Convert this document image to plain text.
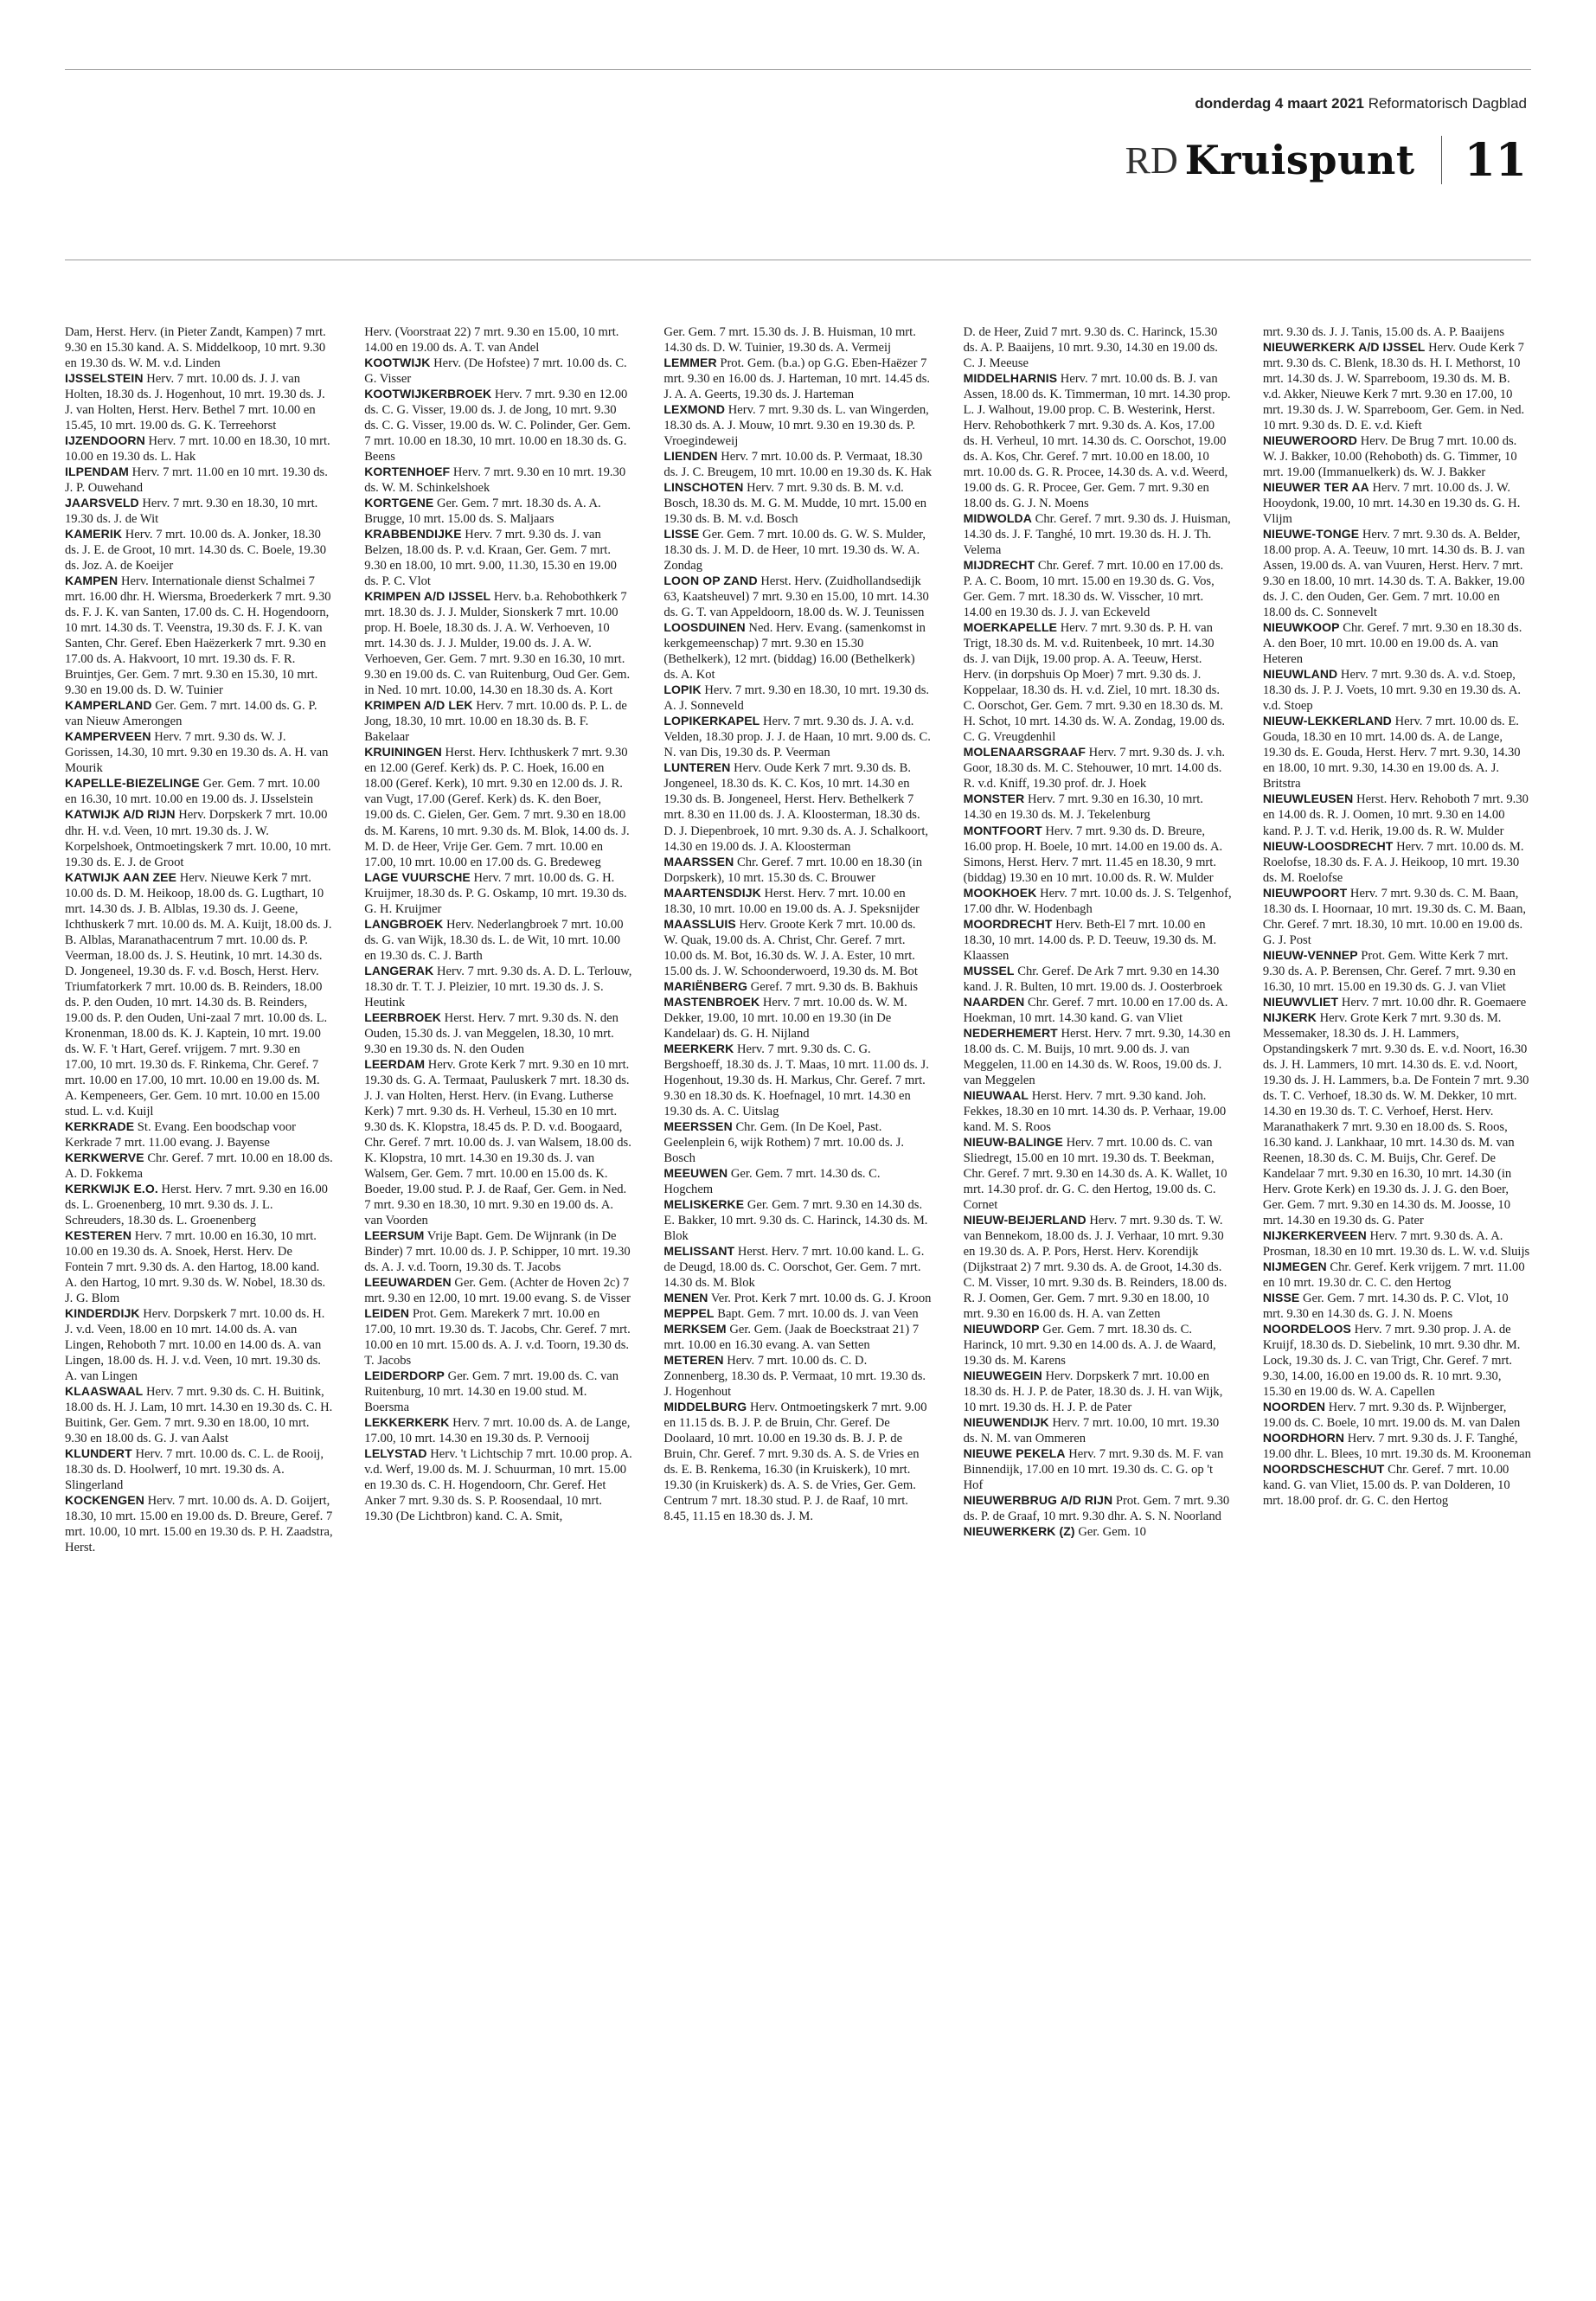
donderdag 4 maart 2021 Reformatorisch Dagblad
RD Kruispunt 11

Dam, Herst. Herv. (in Pieter Zandt, Kampen) 7 mrt. 9.30 en 15.30 kand. A. S. Middelkoop, 10 mrt. 9.30 en 19.30 ds. W. M. v.d. Linden

IJSSELSTEIN Herv. 7 mrt. 10.00 ds. J. J. van Holten, 18.30 ds. J. Hogenhout, 10 mrt. 19.30 ds. J. J. van Holten, Herst. Herv. Bethel 7 mrt. 10.00 en 15.45, 10 mrt. 19.00 ds. G. K. Terreehorst

IJZENDOORN Herv. 7 mrt. 10.00 en 18.30, 10 mrt. 10.00 en 19.30 ds. L. Hak

ILPENDAM Herv. 7 mrt. 11.00 en 10 mrt. 19.30 ds. J. P. Ouwehand

JAARSVELD Herv. 7 mrt. 9.30 en 18.30, 10 mrt. 19.30 ds. J. de Wit

KAMERIK Herv. 7 mrt. 10.00 ds. A. Jonker, 18.30 ds. J. E. de Groot, 10 mrt. 14.30 ds. C. Boele, 19.30 ds. Joz. A. de Koeijer

KAMPEN Herv. Internationale dienst Schalmei 7 mrt. 16.00 dhr. H. Wiersma, Broederkerk 7 mrt. 9.30 ds. F. J. K. van Santen, 17.00 ds. C. H. Hogendoorn, 10 mrt. 14.30 ds. T. Veenstra, 19.30 ds. F. J. K. van Santen, Chr. Geref. Eben Haëzerkerk 7 mrt. 9.30 en 17.00 ds. A. Hakvoort, 10 mrt. 19.30 ds. F. R. Bruintjes, Ger. Gem. 7 mrt. 9.30 en 15.30, 10 mrt. 9.30 en 19.00 ds. D. W. Tuinier

KAMPERLAND Ger. Gem. 7 mrt. 14.00 ds. G. P. van Nieuw Amerongen

KAMPERVEEN Herv. 7 mrt. 9.30 ds. W. J. Gorissen, 14.30, 10 mrt. 9.30 en 19.30 ds. A. H. van Mourik

KAPELLE-BIEZELINGE Ger. Gem. 7 mrt. 10.00 en 16.30, 10 mrt. 10.00 en 19.00 ds. J. IJsselstein

KATWIJK A/D RIJN Herv. Dorpskerk 7 mrt. 10.00 dhr. H. v.d. Veen, 10 mrt. 19.30 ds. J. W. Korpelshoek, Ontmoetingskerk 7 mrt. 10.00, 10 mrt. 19.30 ds. E. J. de Groot

KATWIJK AAN ZEE Herv. Nieuwe Kerk 7 mrt. 10.00 ds. D. M. Heikoop, 18.00 ds. G. Lugthart, 10 mrt. 14.30 ds. J. B. Alblas, 19.30 ds. J. Geene, Ichthuskerk 7 mrt. 10.00 ds. M. A. Kuijt, 18.00 ds. J. B. Alblas, Maranathacentrum 7 mrt. 10.00 ds. P. Veerman, 18.00 ds. J. S. Heutink, 10 mrt. 14.30 ds. D. Jongeneel, 19.30 ds. F. v.d. Bosch, Herst. Herv. Triumfatorkerk 7 mrt. 10.00 ds. B. Reinders, 18.00 ds. P. den Ouden, 10 mrt. 14.30 ds. B. Reinders, 19.00 ds. P. den Ouden, Uni-zaal 7 mrt. 10.00 ds. L. Kronenman, 18.00 ds. K. J. Kaptein, 10 mrt. 19.00 ds. W. F. 't Hart, Geref. vrijgem. 7 mrt. 9.30 en 17.00, 10 mrt. 19.30 ds. F. Rinkema, Chr. Geref. 7 mrt. 10.00 en 17.00, 10 mrt. 10.00 en 19.00 ds. M. A. Kempeneers, Ger. Gem. 10 mrt. 10.00 en 15.00 stud. L. v.d. Kuijl

KERKRADE St. Evang. Een boodschap voor Kerkrade 7 mrt. 11.00 evang. J. Bayense

KERKWERVE Chr. Geref. 7 mrt. 10.00 en 18.00 ds. A. D. Fokkema

KERKWIJK E.O. Herst. Herv. 7 mrt. 9.30 en 16.00 ds. L. Groenenberg, 10 mrt. 9.30 ds. J. L. Schreuders, 18.30 ds. L. Groenenberg

KESTEREN Herv. 7 mrt. 10.00 en 16.30, 10 mrt. 10.00 en 19.30 ds. A. Snoek, Herst. Herv. De Fontein 7 mrt. 9.30 ds. A. den Hartog, 18.00 kand. A. den Hartog, 10 mrt. 9.30 ds. W. Nobel, 18.30 ds. J. G. Blom

KINDERDIJK Herv. Dorpskerk 7 mrt. 10.00 ds. H. J. v.d. Veen, 18.00 en 10 mrt. 14.00 ds. A. van Lingen, Rehoboth 7 mrt. 10.00 en 14.00 ds. A. van Lingen, 18.00 ds. H. J. v.d. Veen, 10 mrt. 19.30 ds. A. van Lingen

KLAASWAAL Herv. 7 mrt. 9.30 ds. C. H. Buitink, 18.00 ds. H. J. Lam, 10 mrt. 14.30 en 19.30 ds. C. H. Buitink, Ger. Gem. 7 mrt. 9.30 en 18.00, 10 mrt. 9.30 en 18.00 ds. G. J. van Aalst

KLUNDERT Herv. 7 mrt. 10.00 ds. C. L. de Rooij, 18.30 ds. D. Hoolwerf, 10 mrt. 19.30 ds. A. Slingerland

KOCKENGEN Herv. 7 mrt. 10.00 ds. A. D. Goijert, 18.30, 10 mrt. 15.00 en 19.00 ds. D. Breure, Geref. 7 mrt. 10.00, 10 mrt. 15.00 en 19.30 ds. P. H. Zaadstra, Herst.

Herv. (Voorstraat 22) 7 mrt. 9.30 en 15.00, 10 mrt. 14.00 en 19.00 ds. A. T. van Andel

KOOTWIJK Herv. (De Hofstee) 7 mrt. 10.00 ds. C. G. Visser

KOOTWIJKERBROEK Herv. 7 mrt. 9.30 en 12.00 ds. C. G. Visser, 19.00 ds. J. de Jong, 10 mrt. 9.30 ds. C. G. Visser, 19.00 ds. W. C. Polinder, Ger. Gem. 7 mrt. 10.00 en 18.30, 10 mrt. 10.00 en 18.30 ds. G. Beens

KORTENHOEF Herv. 7 mrt. 9.30 en 10 mrt. 19.30 ds. W. M. Schinkelshoek

KORTGENE Ger. Gem. 7 mrt. 18.30 ds. A. A. Brugge, 10 mrt. 15.00 ds. S. Maljaars

KRABBENDIJKE Herv. 7 mrt. 9.30 ds. J. van Belzen, 18.00 ds. P. v.d. Kraan, Ger. Gem. 7 mrt. 9.30 en 18.00, 10 mrt. 9.00, 11.30, 15.30 en 19.00 ds. P. C. Vlot

KRIMPEN A/D IJSSEL Herv. b.a. Rehobothkerk 7 mrt. 18.30 ds. J. J. Mulder, Sionskerk 7 mrt. 10.00 prop. H. Boele, 18.30 ds. J. A. W. Verhoeven, 10 mrt. 14.30 ds. J. J. Mulder, 19.00 ds. J. A. W. Verhoeven, Ger. Gem. 7 mrt. 9.30 en 16.30, 10 mrt. 9.30 en 19.00 ds. C. van Ruitenburg, Oud Ger. Gem. in Ned. 10 mrt. 10.00, 14.30 en 18.30 ds. A. Kort

KRIMPEN A/D LEK Herv. 7 mrt. 10.00 ds. P. L. de Jong, 18.30, 10 mrt. 10.00 en 18.30 ds. B. F. Bakelaar

KRUININGEN Herst. Herv. Ichthuskerk 7 mrt. 9.30 en 12.00 (Geref. Kerk) ds. P. C. Hoek, 16.00 en 18.00 (Geref. Kerk), 10 mrt. 9.30 en 12.00 ds. J. R. van Vugt, 17.00 (Geref. Kerk) ds. K. den Boer, 19.00 ds. C. Gielen, Ger. Gem. 7 mrt. 9.30 en 18.00 ds. M. Karens, 10 mrt. 9.30 ds. M. Blok, 14.00 ds. J. M. D. de Heer, Vrije Ger. Gem. 7 mrt. 10.00 en 17.00, 10 mrt. 10.00 en 17.00 ds. G. Bredeweg

LAGE VUURSCHE Herv. 7 mrt. 10.00 ds. G. H. Kruijmer, 18.30 ds. P. G. Oskamp, 10 mrt. 19.30 ds. G. H. Kruijmer

LANGBROEK Herv. Nederlangbroek 7 mrt. 10.00 ds. G. van Wijk, 18.30 ds. L. de Wit, 10 mrt. 10.00 en 19.30 ds. C. J. Barth

LANGERAK Herv. 7 mrt. 9.30 ds. A. D. L. Terlouw, 18.30 dr. T. T. J. Pleizier, 10 mrt. 19.30 ds. J. S. Heutink

LEERBROEK Herst. Herv. 7 mrt. 9.30 ds. N. den Ouden, 15.30 ds. J. van Meggelen, 18.30, 10 mrt. 9.30 en 19.30 ds. N. den Ouden

LEERDAM Herv. Grote Kerk 7 mrt. 9.30 en 10 mrt. 19.30 ds. G. A. Termaat, Pauluskerk 7 mrt. 18.30 ds. J. J. van Holten, Herst. Herv. (in Evang. Lutherse Kerk) 7 mrt. 9.30 ds. H. Verheul, 15.30 en 10 mrt. 9.30 ds. K. Klopstra, 18.45 ds. P. D. v.d. Boogaard, Chr. Geref. 7 mrt. 10.00 ds. J. van Walsem, 18.00 ds. K. Klopstra, 10 mrt. 14.30 en 19.30 ds. J. van Walsem, Ger. Gem. 7 mrt. 10.00 en 15.00 ds. K. Boeder, 19.00 stud. P. J. de Raaf, Ger. Gem. in Ned. 7 mrt. 9.30 en 18.30, 10 mrt. 9.30 en 19.00 ds. A. van Voorden

LEERSUM Vrije Bapt. Gem. De Wijnrank (in De Binder) 7 mrt. 10.00 ds. J. P. Schipper, 10 mrt. 19.30 ds. A. J. v.d. Toorn, 19.30 ds. T. Jacobs

LEEUWARDEN Ger. Gem. (Achter de Hoven 2c) 7 mrt. 9.30 en 12.00, 10 mrt. 19.00 evang. S. de Visser

LEIDEN Prot. Gem. Marekerk 7 mrt. 10.00 en 17.00, 10 mrt. 19.30 ds. T. Jacobs, Chr. Geref. 7 mrt. 10.00 en 10 mrt. 15.00 ds. A. J. v.d. Toorn, 19.30 ds. T. Jacobs

LEIDERDORP Ger. Gem. 7 mrt. 19.00 ds. C. van Ruitenburg, 10 mrt. 14.30 en 19.00 stud. M. Boersma

LEKKERKERK Herv. 7 mrt. 10.00 ds. A. de Lange, 17.00, 10 mrt. 14.30 en 19.30 ds. P. Vernooij

LELYSTAD Herv. 't Lichtschip 7 mrt. 10.00 prop. A. v.d. Werf, 19.00 ds. M. J. Schuurman, 10 mrt. 15.00 en 19.30 ds. C. H. Hogendoorn, Chr. Geref. Het Anker 7 mrt. 9.30 ds. S. P. Roosendaal, 10 mrt. 19.30 (De Lichtbron) kand. C. A. Smit,

Ger. Gem. 7 mrt. 15.30 ds. J. B. Huisman, 10 mrt. 14.30 ds. D. W. Tuinier, 19.30 ds. A. Vermeij

LEMMER Prot. Gem. (b.a.) op G.G. Eben-Haëzer 7 mrt. 9.30 en 16.00 ds. J. Harteman, 10 mrt. 14.45 ds. J. A. A. Geerts, 19.30 ds. J. Harteman

LEXMOND Herv. 7 mrt. 9.30 ds. L. van Wingerden, 18.30 ds. A. J. Mouw, 10 mrt. 9.30 en 19.30 ds. P. Vroegindeweij

LIENDEN Herv. 7 mrt. 10.00 ds. P. Vermaat, 18.30 ds. J. C. Breugem, 10 mrt. 10.00 en 19.30 ds. K. Hak

LINSCHOTEN Herv. 7 mrt. 9.30 ds. B. M. v.d. Bosch, 18.30 ds. M. G. M. Mudde, 10 mrt. 15.00 en 19.30 ds. B. M. v.d. Bosch

LISSE Ger. Gem. 7 mrt. 10.00 ds. G. W. S. Mulder, 18.30 ds. J. M. D. de Heer, 10 mrt. 19.30 ds. W. A. Zondag

LOON OP ZAND Herst. Herv. (Zuidhollandsedijk 63, Kaatsheuvel) 7 mrt. 9.30 en 15.00, 10 mrt. 14.30 ds. G. T. van Appeldoorn, 18.00 ds. W. J. Teunissen

LOOSDUINEN Ned. Herv. Evang. (samenkomst in kerkgemeenschap) 7 mrt. 9.30 en 15.30 (Bethelkerk), 12 mrt. (biddag) 16.00 (Bethelkerk) ds. A. Kot

LOPIK Herv. 7 mrt. 9.30 en 18.30, 10 mrt. 19.30 ds. A. J. Sonneveld

LOPIKERKAPEL Herv. 7 mrt. 9.30 ds. J. A. v.d. Velden, 18.30 prop. J. J. de Haan, 10 mrt. 9.00 ds. C. N. van Dis, 19.30 ds. P. Veerman

LUNTEREN Herv. Oude Kerk 7 mrt. 9.30 ds. B. Jongeneel, 18.30 ds. K. C. Kos, 10 mrt. 14.30 en 19.30 ds. B. Jongeneel, Herst. Herv. Bethelkerk 7 mrt. 8.30 en 11.00 ds. J. A. Kloosterman, 18.30 ds. D. J. Diepenbroek, 10 mrt. 9.30 ds. A. J. Schalkoort, 14.30 en 19.00 ds. J. A. Kloosterman

MAARSSEN Chr. Geref. 7 mrt. 10.00 en 18.30 (in Dorpskerk), 10 mrt. 15.30 ds. C. Brouwer

MAARTENSDIJK Herst. Herv. 7 mrt. 10.00 en 18.30, 10 mrt. 10.00 en 19.00 ds. A. J. Speksnijder

MAASSLUIS Herv. Groote Kerk 7 mrt. 10.00 ds. W. Quak, 19.00 ds. A. Christ, Chr. Geref. 7 mrt. 10.00 ds. M. Bot, 16.30 ds. W. J. A. Ester, 10 mrt. 15.00 ds. J. W. Schoonderwoerd, 19.30 ds. M. Bot

MARIËNBERG Geref. 7 mrt. 9.30 ds. B. Bakhuis

MASTENBROEK Herv. 7 mrt. 10.00 ds. W. M. Dekker, 19.00, 10 mrt. 10.00 en 19.30 (in De Kandelaar) ds. G. H. Nijland

MEERKERK Herv. 7 mrt. 9.30 ds. C. G. Bergshoeff, 18.30 ds. J. T. Maas, 10 mrt. 11.00 ds. J. Hogenhout, 19.30 ds. H. Markus, Chr. Geref. 7 mrt. 9.30 en 18.30 ds. K. Hoefnagel, 10 mrt. 14.30 en 19.30 ds. A. C. Uitslag

MEERSSEN Chr. Gem. (In De Koel, Past. Geelenplein 6, wijk Rothem) 7 mrt. 10.00 ds. J. Bosch

MEEUWEN Ger. Gem. 7 mrt. 14.30 ds. C. Hogchem

MELISKERKE Ger. Gem. 7 mrt. 9.30 en 14.30 ds. E. Bakker, 10 mrt. 9.30 ds. C. Harinck, 14.30 ds. M. Blok

MELISSANT Herst. Herv. 7 mrt. 10.00 kand. L. G. de Deugd, 18.00 ds. C. Oorschot, Ger. Gem. 7 mrt. 14.30 ds. M. Blok

MENEN Ver. Prot. Kerk 7 mrt. 10.00 ds. G. J. Kroon

MEPPEL Bapt. Gem. 7 mrt. 10.00 ds. J. van Veen

MERKSEM Ger. Gem. (Jaak de Boeckstraat 21) 7 mrt. 10.00 en 16.30 evang. A. van Setten

METEREN Herv. 7 mrt. 10.00 ds. C. D. Zonnenberg, 18.30 ds. P. Vermaat, 10 mrt. 19.30 ds. J. Hogenhout

MIDDELBURG Herv. Ontmoetingskerk 7 mrt. 9.00 en 11.15 ds. B. J. P. de Bruin, Chr. Geref. De Doolaard, 10 mrt. 10.00 en 19.30 ds. B. J. P. de Bruin, Chr. Geref. 7 mrt. 9.30 ds. A. S. de Vries en ds. E. B. Renkema, 16.30 (in Kruiskerk), 10 mrt. 19.30 (in Kruiskerk) ds. A. S. de Vries, Ger. Gem. Centrum 7 mrt. 18.30 stud. P. J. de Raaf, 10 mrt. 8.45, 11.15 en 18.30 ds. J. M.

D. de Heer, Zuid 7 mrt. 9.30 ds. C. Harinck, 15.30 ds. A. P. Baaijens, 10 mrt. 9.30, 14.30 en 19.00 ds. C. J. Meeuse

MIDDELHARNIS Herv. 7 mrt. 10.00 ds. B. J. van Assen, 18.00 ds. K. Timmerman, 10 mrt. 14.30 prop. L. J. Walhout, 19.00 prop. C. B. Westerink, Herst. Herv. Rehobothkerk 7 mrt. 9.30 ds. A. Kos, 17.00 ds. H. Verheul, 10 mrt. 14.30 ds. C. Oorschot, 19.00 ds. A. Kos, Chr. Geref. 7 mrt. 10.00 en 18.00, 10 mrt. 10.00 ds. G. R. Procee, 14.30 ds. A. v.d. Weerd, 19.00 ds. G. R. Procee, Ger. Gem. 7 mrt. 9.30 en 18.00 ds. G. J. N. Moens

MIDWOLDA Chr. Geref. 7 mrt. 9.30 ds. J. Huisman, 14.30 ds. J. F. Tanghé, 10 mrt. 19.30 ds. H. J. Th. Velema

MIJDRECHT Chr. Geref. 7 mrt. 10.00 en 17.00 ds. P. A. C. Boom, 10 mrt. 15.00 en 19.30 ds. G. Vos, Ger. Gem. 7 mrt. 18.30 ds. W. Visscher, 10 mrt. 14.00 en 19.30 ds. J. J. van Eckeveld

MOERKAPELLE Herv. 7 mrt. 9.30 ds. P. H. van Trigt, 18.30 ds. M. v.d. Ruitenbeek, 10 mrt. 14.30 ds. J. van Dijk, 19.00 prop. A. A. Teeuw, Herst. Herv. (in dorpshuis Op Moer) 7 mrt. 9.30 ds. J. Koppelaar, 18.30 ds. H. v.d. Ziel, 10 mrt. 18.30 ds. C. Oorschot, Ger. Gem. 7 mrt. 9.30 en 18.30 ds. M. H. Schot, 10 mrt. 14.30 ds. W. A. Zondag, 19.00 ds. C. G. Vreugdenhil

MOLENAARSGRAAF Herv. 7 mrt. 9.30 ds. J. v.h. Goor, 18.30 ds. M. C. Stehouwer, 10 mrt. 14.00 ds. R. v.d. Kniff, 19.30 prof. dr. J. Hoek

MONSTER Herv. 7 mrt. 9.30 en 16.30, 10 mrt. 14.30 en 19.30 ds. M. J. Tekelenburg

MONTFOORT Herv. 7 mrt. 9.30 ds. D. Breure, 16.00 prop. H. Boele, 10 mrt. 14.00 en 19.00 ds. A. Simons, Herst. Herv. 7 mrt. 11.45 en 18.30, 9 mrt. (biddag) 19.30 en 10 mrt. 10.00 ds. R. W. Mulder

MOOKHOEK Herv. 7 mrt. 10.00 ds. J. S. Telgenhof, 17.00 dhr. W. Hodenbagh

MOORDRECHT Herv. Beth-El 7 mrt. 10.00 en 18.30, 10 mrt. 14.00 ds. P. D. Teeuw, 19.30 ds. M. Klaassen

MUSSEL Chr. Geref. De Ark 7 mrt. 9.30 en 14.30 kand. J. R. Bulten, 10 mrt. 19.00 ds. J. Oosterbroek

NAARDEN Chr. Geref. 7 mrt. 10.00 en 17.00 ds. A. Hoekman, 10 mrt. 14.30 kand. G. van Vliet

NEDERHEMERT Herst. Herv. 7 mrt. 9.30, 14.30 en 18.00 ds. C. M. Buijs, 10 mrt. 9.00 ds. J. van Meggelen, 11.00 en 14.30 ds. W. Roos, 19.00 ds. J. van Meggelen

NIEUWAAL Herst. Herv. 7 mrt. 9.30 kand. Joh. Fekkes, 18.30 en 10 mrt. 14.30 ds. P. Verhaar, 19.00 kand. M. S. Roos

NIEUW-BALINGE Herv. 7 mrt. 10.00 ds. C. van Sliedregt, 15.00 en 10 mrt. 19.30 ds. T. Beekman, Chr. Geref. 7 mrt. 9.30 en 14.30 ds. A. K. Wallet, 10 mrt. 14.30 prof. dr. G. C. den Hertog, 19.00 ds. C. Cornet

NIEUW-BEIJERLAND Herv. 7 mrt. 9.30 ds. T. W. van Bennekom, 18.00 ds. J. J. Verhaar, 10 mrt. 9.30 en 19.30 ds. A. P. Pors, Herst. Herv. Korendijk (Dijkstraat 2) 7 mrt. 9.30 ds. A. de Groot, 14.30 ds. C. M. Visser, 10 mrt. 9.30 ds. B. Reinders, 18.00 ds. R. J. Oomen, Ger. Gem. 7 mrt. 9.30 en 18.00, 10 mrt. 9.30 en 16.00 ds. H. A. van Zetten

NIEUWDORP Ger. Gem. 7 mrt. 18.30 ds. C. Harinck, 10 mrt. 9.30 en 14.00 ds. A. J. de Waard, 19.30 ds. M. Karens

NIEUWEGEIN Herv. Dorpskerk 7 mrt. 10.00 en 18.30 ds. H. J. P. de Pater, 18.30 ds. J. H. van Wijk, 10 mrt. 19.30 ds. H. J. P. de Pater

NIEUWENDIJK Herv. 7 mrt. 10.00, 10 mrt. 19.30 ds. N. M. van Ommeren

NIEUWE PEKELA Herv. 7 mrt. 9.30 ds. M. F. van Binnendijk, 17.00 en 10 mrt. 19.30 ds. C. G. op 't Hof

NIEUWERBRUG A/D RIJN Prot. Gem. 7 mrt. 9.30 ds. P. de Graaf, 10 mrt. 9.30 dhr. A. S. N. Noorland

NIEUWERKERK (Z) Ger. Gem. 10

mrt. 9.30 ds. J. J. Tanis, 15.00 ds. A. P. Baaijens

NIEUWERKERK A/D IJSSEL Herv. Oude Kerk 7 mrt. 9.30 ds. C. Blenk, 18.30 ds. H. I. Methorst, 10 mrt. 14.30 ds. J. W. Sparreboom, 19.30 ds. M. B. v.d. Akker, Nieuwe Kerk 7 mrt. 9.30 en 17.00, 10 mrt. 19.30 ds. J. W. Sparreboom, Ger. Gem. in Ned. 10 mrt. 9.30 ds. D. E. v.d. Kieft

NIEUWEROORD Herv. De Brug 7 mrt. 10.00 ds. W. J. Bakker, 10.00 (Rehoboth) ds. G. Timmer, 10 mrt. 19.00 (Immanuelkerk) ds. W. J. Bakker

NIEUWER TER AA Herv. 7 mrt. 10.00 ds. J. W. Hooydonk, 19.00, 10 mrt. 14.30 en 19.30 ds. G. H. Vlijm

NIEUWE-TONGE Herv. 7 mrt. 9.30 ds. A. Belder, 18.00 prop. A. A. Teeuw, 10 mrt. 14.30 ds. B. J. van Assen, 19.00 ds. A. van Vuuren, Herst. Herv. 7 mrt. 9.30 en 18.00, 10 mrt. 14.30 ds. T. A. Bakker, 19.00 ds. J. C. den Ouden, Ger. Gem. 7 mrt. 10.00 en 18.00 ds. C. Sonnevelt

NIEUWKOOP Chr. Geref. 7 mrt. 9.30 en 18.30 ds. A. den Boer, 10 mrt. 10.00 en 19.00 ds. A. van Heteren

NIEUWLAND Herv. 7 mrt. 9.30 ds. A. v.d. Stoep, 18.30 ds. J. P. J. Voets, 10 mrt. 9.30 en 19.30 ds. A. v.d. Stoep

NIEUW-LEKKERLAND Herv. 7 mrt. 10.00 ds. E. Gouda, 18.30 en 10 mrt. 14.00 ds. A. de Lange, 19.30 ds. E. Gouda, Herst. Herv. 7 mrt. 9.30, 14.30 en 18.00, 10 mrt. 9.30, 14.30 en 19.00 ds. A. J. Britstra

NIEUWLEUSEN Herst. Herv. Rehoboth 7 mrt. 9.30 en 14.00 ds. R. J. Oomen, 10 mrt. 9.30 en 14.00 kand. P. J. T. v.d. Herik, 19.00 ds. R. W. Mulder

NIEUW-LOOSDRECHT Herv. 7 mrt. 10.00 ds. M. Roelofse, 18.30 ds. F. A. J. Heikoop, 10 mrt. 19.30 ds. M. Roelofse

NIEUWPOORT Herv. 7 mrt. 9.30 ds. C. M. Baan, 18.30 ds. I. Hoornaar, 10 mrt. 19.30 ds. C. M. Baan, Chr. Geref. 7 mrt. 18.30, 10 mrt. 10.00 en 19.00 ds. G. J. Post

NIEUW-VENNEP Prot. Gem. Witte Kerk 7 mrt. 9.30 ds. A. P. Berensen, Chr. Geref. 7 mrt. 9.30 en 16.30, 10 mrt. 15.00 en 19.30 ds. G. J. van Vliet

NIEUWVLIET Herv. 7 mrt. 10.00 dhr. R. Goemaere

NIJKERK Herv. Grote Kerk 7 mrt. 9.30 ds. M. Messemaker, 18.30 ds. J. H. Lammers, Opstandingskerk 7 mrt. 9.30 ds. E. v.d. Noort, 16.30 ds. J. H. Lammers, 10 mrt. 14.30 ds. E. v.d. Noort, 19.30 ds. J. H. Lammers, b.a. De Fontein 7 mrt. 9.30 ds. T. C. Verhoef, 18.30 ds. W. M. Dekker, 10 mrt. 14.30 en 19.30 ds. T. C. Verhoef, Herst. Herv. Maranathakerk 7 mrt. 9.30 en 18.00 ds. S. Roos, 16.30 kand. J. Lankhaar, 10 mrt. 14.30 ds. M. van Reenen, 18.30 ds. C. M. Buijs, Chr. Geref. De Kandelaar 7 mrt. 9.30 en 16.30, 10 mrt. 14.30 (in Herv. Grote Kerk) en 19.30 ds. J. J. G. den Boer, Ger. Gem. 7 mrt. 9.30 en 14.30 ds. M. Joosse, 10 mrt. 14.30 en 19.30 ds. G. Pater

NIJKERKERVEEN Herv. 7 mrt. 9.30 ds. A. A. Prosman, 18.30 en 10 mrt. 19.30 ds. L. W. v.d. Sluijs

NIJMEGEN Chr. Geref. Kerk vrijgem. 7 mrt. 11.00 en 10 mrt. 19.30 dr. C. C. den Hertog

NISSE Ger. Gem. 7 mrt. 14.30 ds. P. C. Vlot, 10 mrt. 9.30 en 14.30 ds. G. J. N. Moens

NOORDELOOS Herv. 7 mrt. 9.30 prop. J. A. de Kruijf, 18.30 ds. D. Siebelink, 10 mrt. 9.30 dhr. M. Lock, 19.30 ds. J. C. van Trigt, Chr. Geref. 7 mrt. 9.30, 14.00, 16.00 en 19.00 ds. R. 10 mrt. 9.30, 15.30 en 19.00 ds. W. A. Capellen

NOORDEN Herv. 7 mrt. 9.30 ds. P. Wijnberger, 19.00 ds. C. Boele, 10 mrt. 19.00 ds. M. van Dalen

NOORDHORN Herv. 7 mrt. 9.30 ds. J. F. Tanghé, 19.00 dhr. L. Blees, 10 mrt. 19.30 ds. M. Krooneman

NOORDSCHESCHUT Chr. Geref. 7 mrt. 10.00 kand. G. van Vliet, 15.00 ds. P. van Dolderen, 10 mrt. 18.00 prof. dr. G. C. den Hertog
